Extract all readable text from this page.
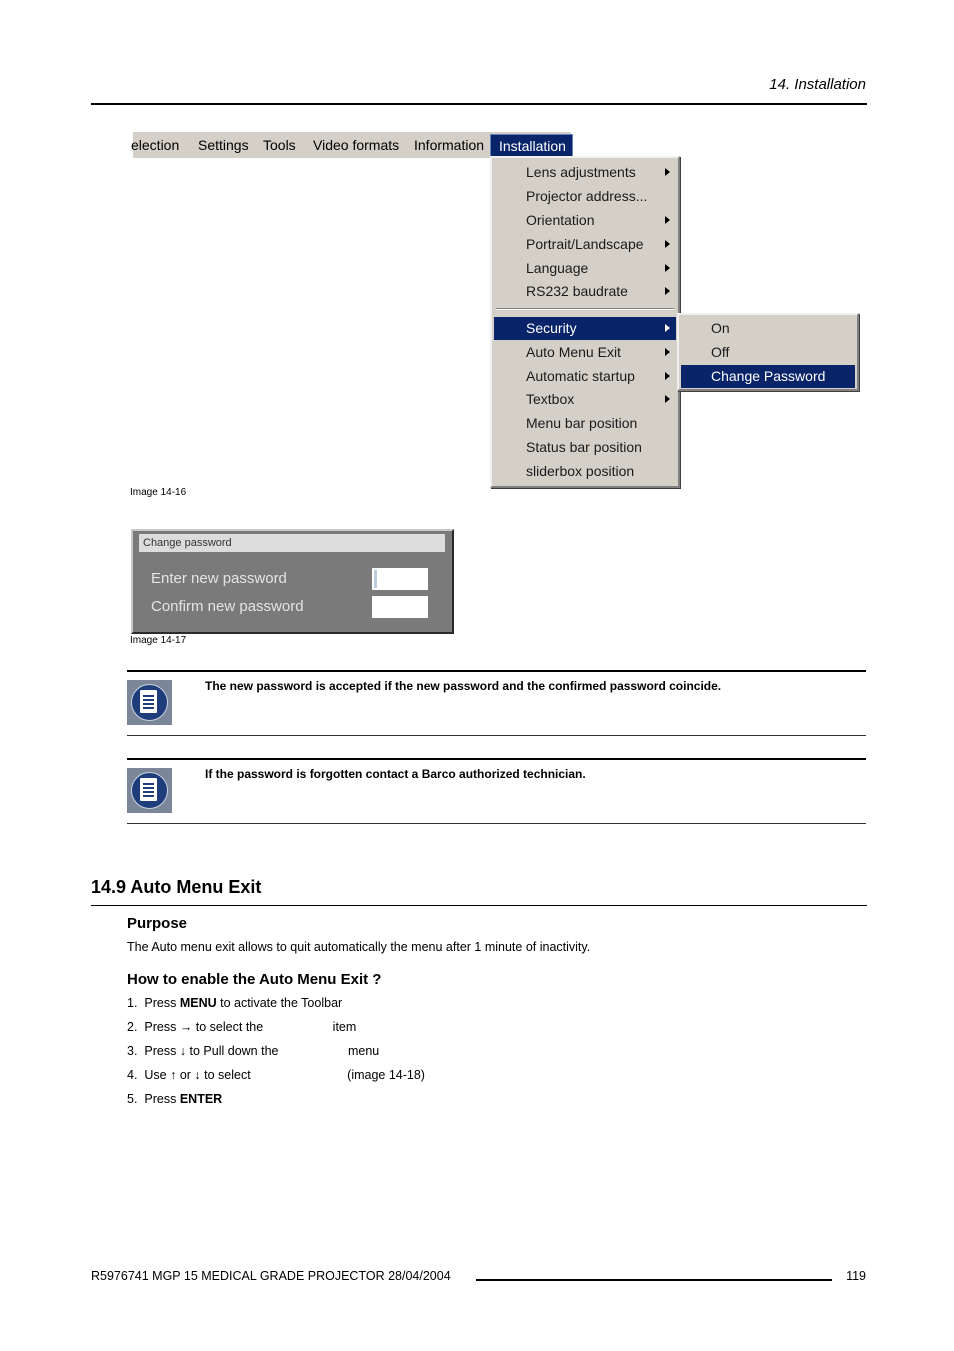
14. Installation
election Settings Tools Video formats Information	Installation
Lens adjustments
Projector address...
Orientation
Portrait/Landscape
Language
RS232 baudrate
Security
Auto Menu Exit
Automatic startup
Textbox
Menu bar position
Status bar position
sliderbox position
On
Off
Change Password
Image 14-16
Change password
Enter new password
Confirm new password
Image 14-17
The new password is accepted if the new password and the confirmed password coincide.
If the password is forgotten contact a Barco authorized technician.
14.9 Auto Menu Exit
Purpose
The Auto menu exit allows to quit automatically the menu after 1 minute of inactivity.
How to enable the Auto Menu Exit ?
1. Press MENU to activate the Toolbar
2. Press → to select the	item
3. Press ↓ to Pull down the	menu
4. Use ↑ or ↓ to select	(image 14-18)
5. Press ENTER
R5976741 MGP 15 MEDICAL GRADE PROJECTOR 28/04/2004	119
